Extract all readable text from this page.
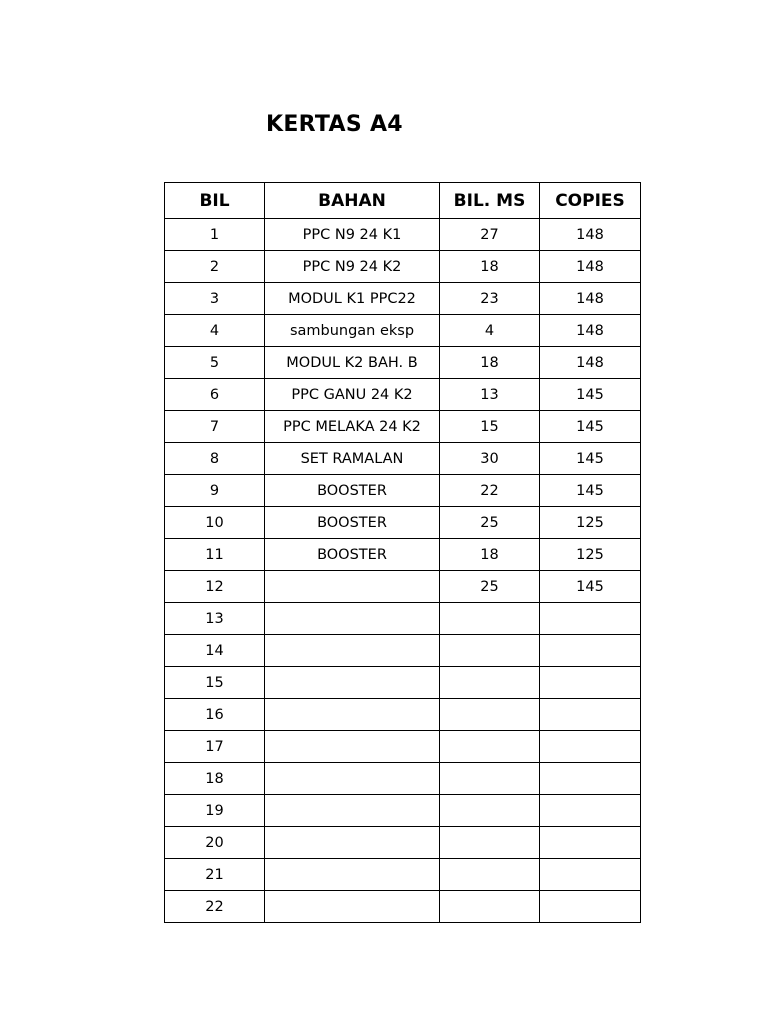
KERTAS A4
BIL	BAHAN	BIL. MS	COPIES
1	PPC N9 24 K1	27	148
2	PPC N9 24 K2	18	148
3	MODUL K1 PPC22	23	148
4	sambungan eksp	4	148
5	MODUL K2 BAH. B	18	148
6	PPC GANU 24 K2	13	145
7	PPC MELAKA 24 K2	15	145
8	SET RAMALAN	30	145
9	BOOSTER	22	145
10	BOOSTER	25	125
11	BOOSTER	18	125
12		25	145
13			
14			
15			
16			
17			
18			
19			
20			
21			
22			
